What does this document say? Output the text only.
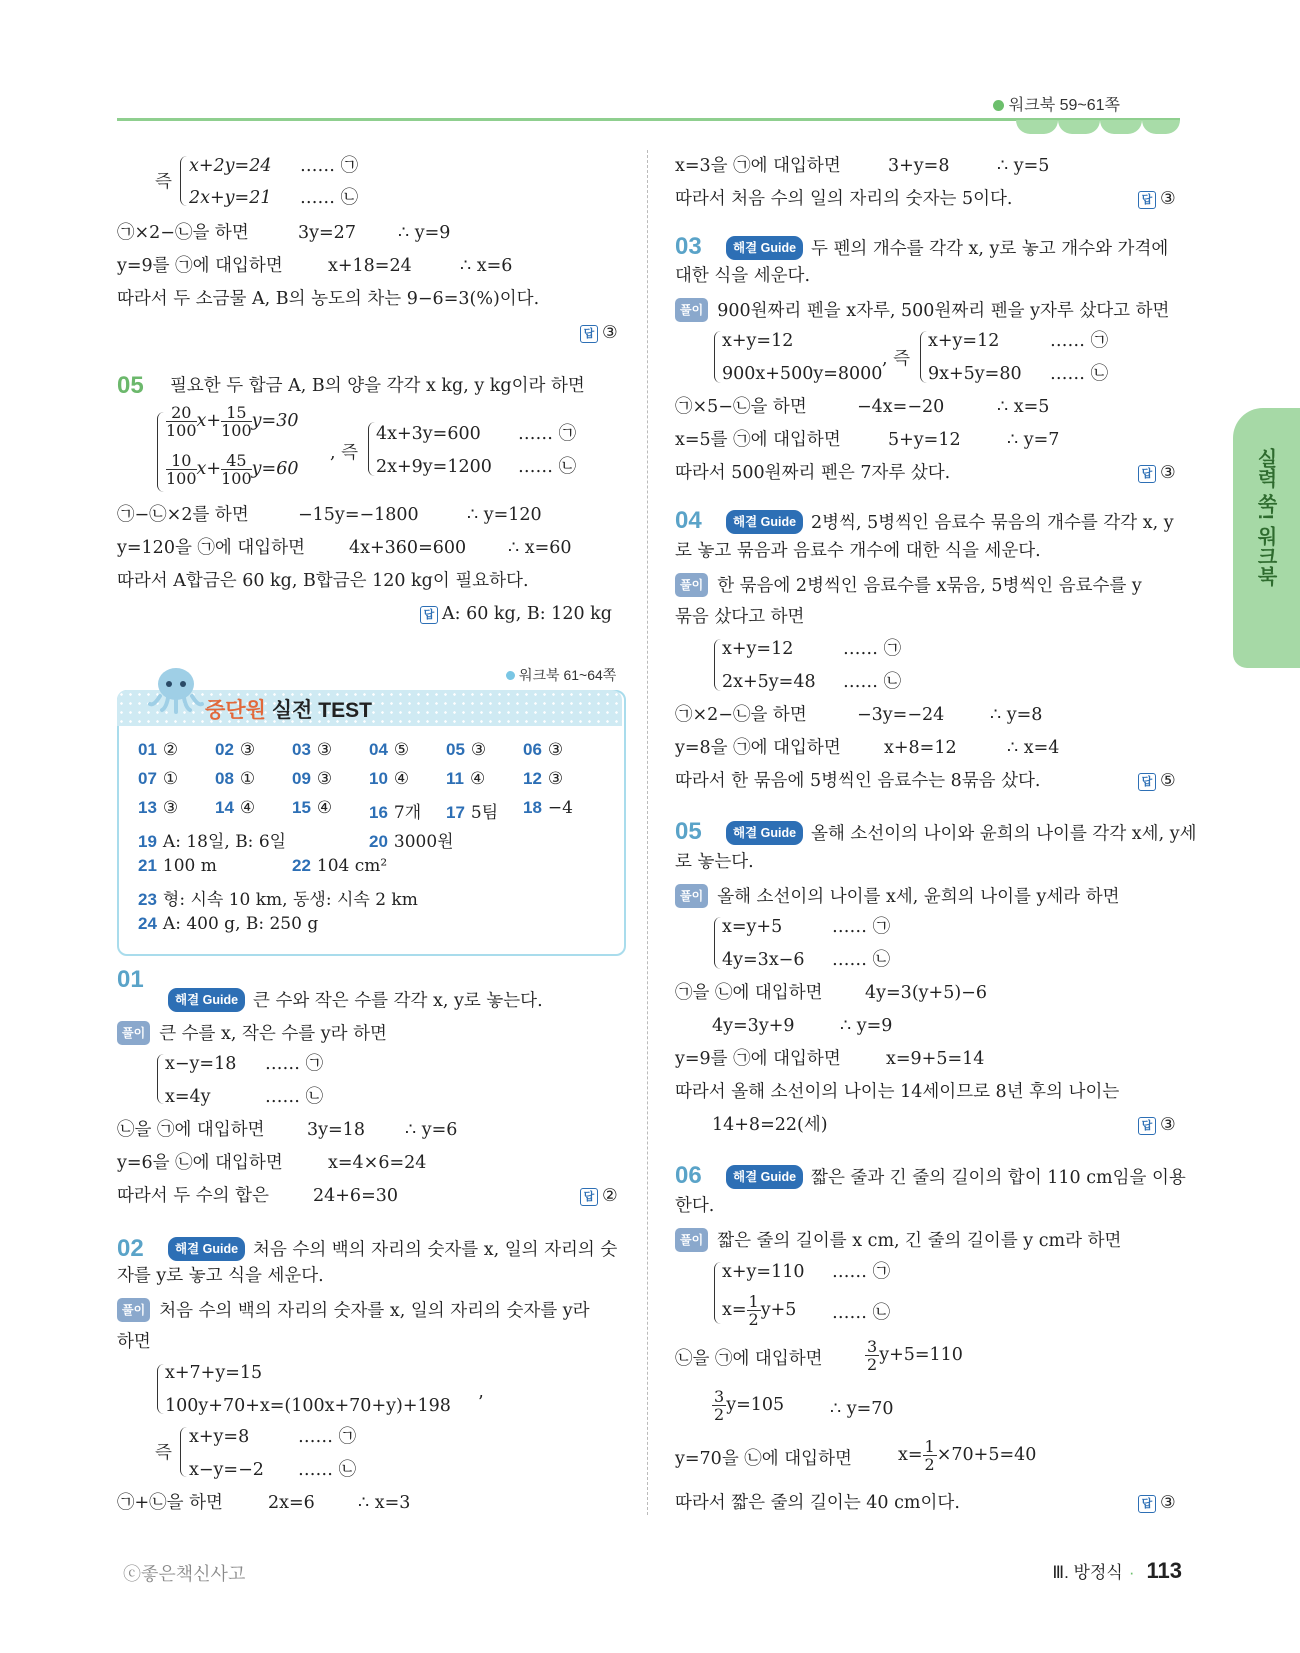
워크북 59~61쪽
실력 쑥! 워크북
즉
x+2y=24 …… ㉠
2x+y=21 …… ㉡
㉠×2−㉡을 하면	3y=27 ∴ y=9
y=9를 ㉠에 대입하면	x+18=24	∴ x=6
따라서 두 소금물 A, B의 농도의 차는 9−6=3(%)이다.
답 ③
05 필요한 두 합금 A, B의 양을 각각 x kg, y kg이라 하면
$\frac{20}{100} x+ \frac{15}{100} y=30$
$\frac{10}{100} x+ \frac{45}{100} y=60$
, 즉
4x+3y=600 …… ㉠
2x+9y=1200 …… ㉡
㉠−㉡×2를 하면	−15y=−1800	∴ y=120
y=120을 ㉠에 대입하면	4x+360=600 ∴ x=60
따라서 A합금은 60 kg, B합금은 120 kg이 필요하다.
답 A: 60 kg, B: 120 kg
워크북 61~64쪽
중단원 실전 TEST
01 ② 02 ③ 03 ③ 04 ⑤ 05 ③ 06 ③
07 ① 08 ① 09 ③ 10 ④ 11 ④ 12 ③
13 ③ 14 ④ 15 ④ 16 7개 17 5팀 18 −4
19 A: 18일, B: 6일	20 3000원
21 100 m	22 104 cm²
23 형: 시속 10 km, 동생: 시속 2 km
24 A: 400 g, B: 250 g
01
해결 Guide 큰 수와 작은 수를 각각 x, y로 놓는다.
풀이 큰 수를 x, 작은 수를 y라 하면
x−y=18 …… ㉠
x=4y	…… ㉡
㉡을 ㉠에 대입하면 3y=18 ∴ y=6
y=6을 ㉡에 대입하면	x=4×6=24
따라서 두 수의 합은	24+6=30	답 ②
02	해결 Guide 처음 수의 백의 자리의 숫자를 x, 일의 자리의 숫
자를 y로 놓고 식을 세운다.
풀이 처음 수의 백의 자리의 숫자를 x, 일의 자리의 숫자를 y라
하면
x+7+y=15
100y+70+x=(100x+70+y)+198 ’
즉
x+y=8	…… ㉠
x−y=−2 …… ㉡
㉠+㉡을 하면	2x=6 ∴ x=3
x=3을 ㉠에 대입하면	3+y=8	∴ y=5
따라서 처음 수의 일의 자리의 숫자는 5이다.	답 ③
03	해결 Guide 두 펜의 개수를 각각 x, y로 놓고 개수와 가격에
대한 식을 세운다.
풀이 900원짜리 펜을 x자루, 500원짜리 펜을 y자루 샀다고 하면
x+y=12
900x+500y=8000
, 즉
x+y=12	…… ㉠
9x+5y=80 …… ㉡
㉠×5−㉡을 하면	−4x=−20	∴ x=5
x=5를 ㉠에 대입하면	5+y=12	∴ y=7
따라서 500원짜리 펜은 7자루 샀다.	답 ③
04	해결 Guide 2병씩, 5병씩인 음료수 묶음의 개수를 각각 x, y
로 놓고 묶음과 음료수 개수에 대한 식을 세운다.
풀이 한 묶음에 2병씩인 음료수를 x묶음, 5병씩인 음료수를 y
묶음 샀다고 하면
x+y=12	…… ㉠
2x+5y=48 …… ㉡
㉠×2−㉡을 하면	−3y=−24	∴ y=8
y=8을 ㉠에 대입하면 x+8=12	∴ x=4
따라서 한 묶음에 5병씩인 음료수는 8묶음 샀다.	답 ⑤
05	해결 Guide 올해 소선이의 나이와 윤희의 나이를 각각 x세, y세
로 놓는다.
풀이 올해 소선이의 나이를 x세, 윤희의 나이를 y세라 하면
x=y+5	…… ㉠
4y=3x−6 …… ㉡
㉠을 ㉡에 대입하면 4y=3(y+5)−6
4y=3y+9	∴ y=9
y=9를 ㉠에 대입하면	x=9+5=14
따라서 올해 소선이의 나이는 14세이므로 8년 후의 나이는
14+8=22(세)	답 ③
06	해결 Guide 짧은 줄과 긴 줄의 길이의 합이 110 cm임을 이용
한다.
풀이 짧은 줄의 길이를 x cm, 긴 줄의 길이를 y cm라 하면
x+y=110 …… ㉠
$x= \frac{1}{2} y+5$ …… ㉡
㉡을 ㉠에 대입하면	$\frac{3}{2} y+5=110$
$\frac{3}{2} y=105$	∴ y=70
y=70을 ㉡에 대입하면	$x= \frac{1}{2} \times 70+5=40$
따라서 짧은 줄의 길이는 40 cm이다.	답 ③
ⓒ좋은책신사고	Ⅲ. 방정식 · 113
